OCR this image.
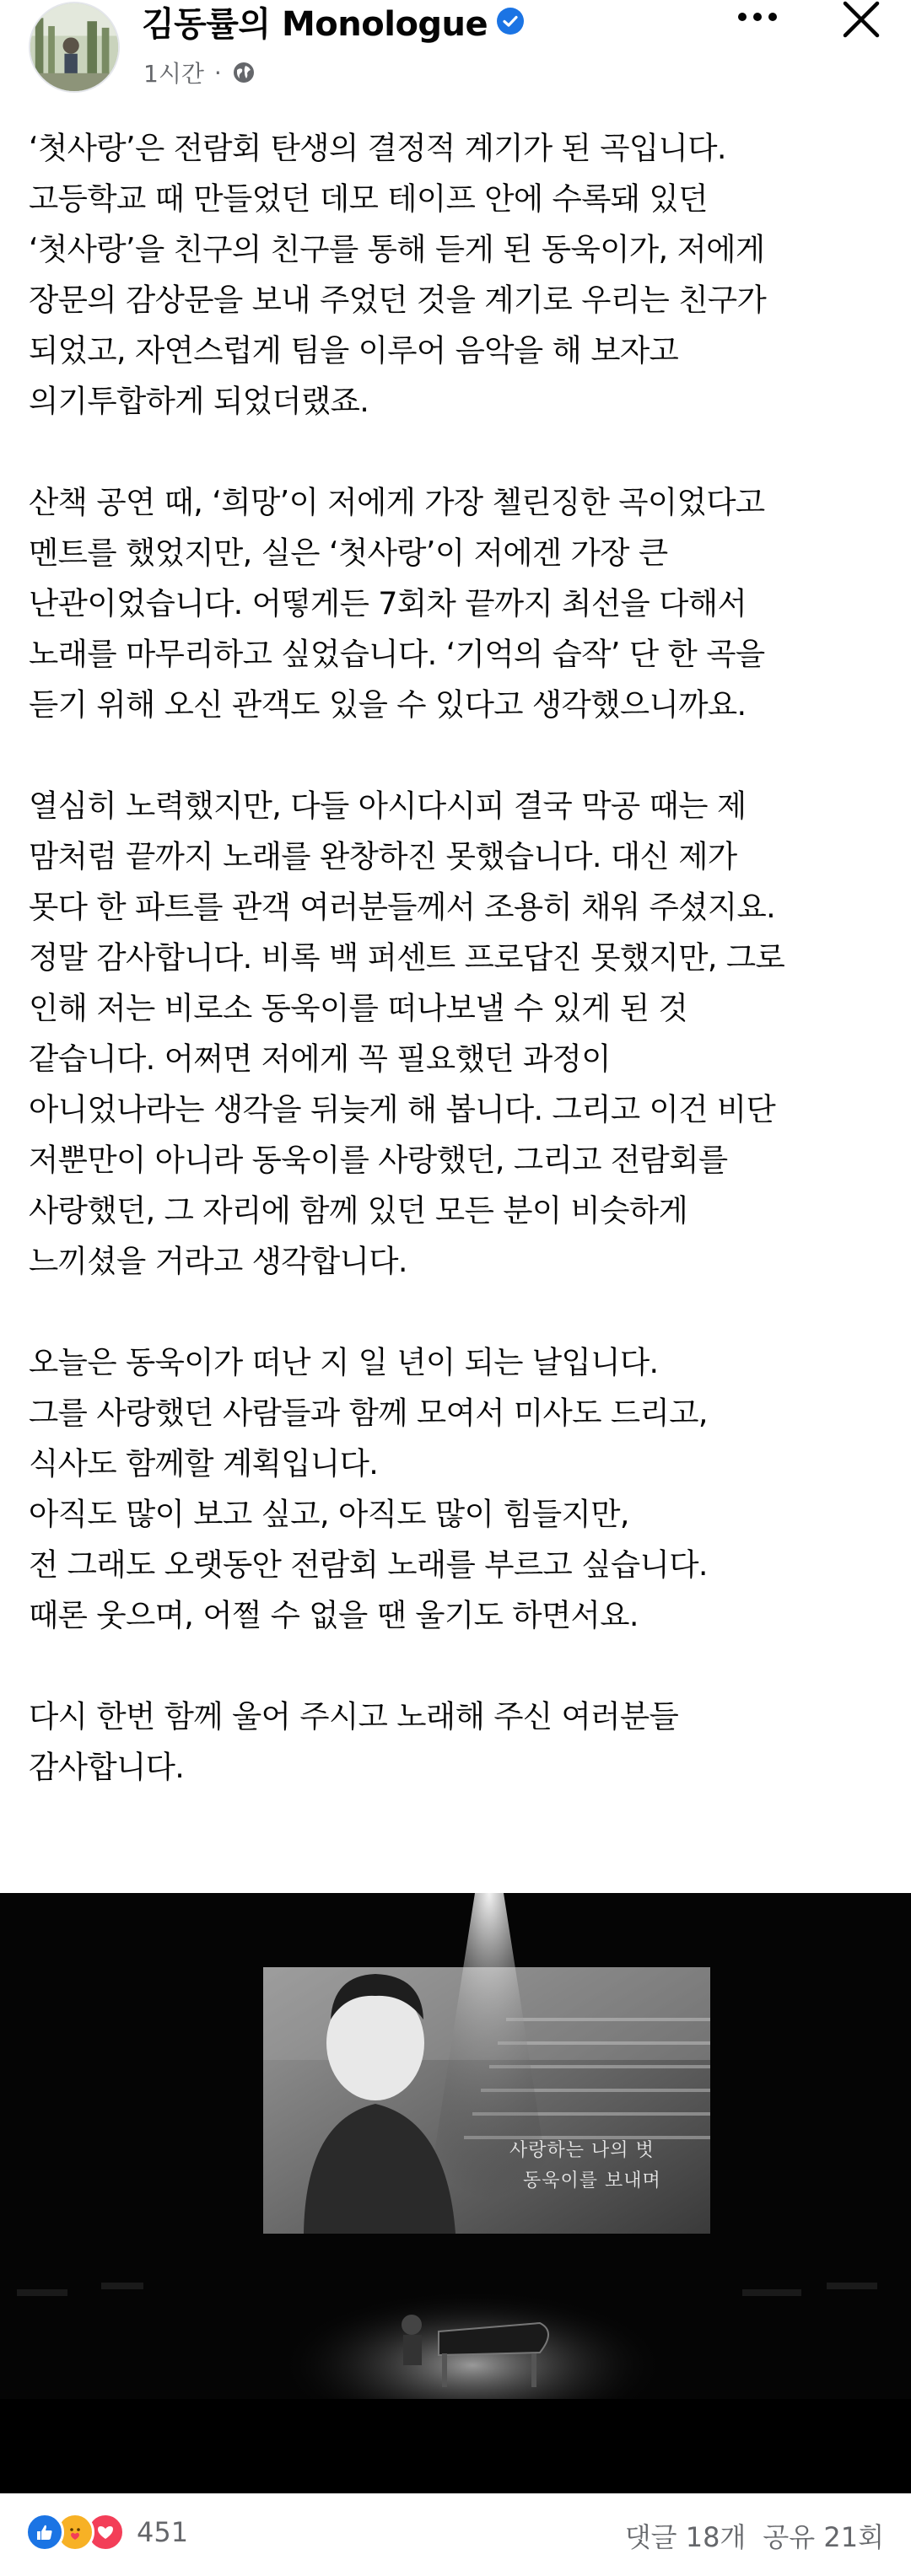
김동률의 Monologue
1시간 ·

‘첫사랑’은 전람회 탄생의 결정적 계기가 된 곡입니다.
고등학교 때 만들었던 데모 테이프 안에 수록돼 있던
‘첫사랑’을 친구의 친구를 통해 듣게 된 동욱이가, 저에게
장문의 감상문을 보내 주었던 것을 계기로 우리는 친구가
되었고, 자연스럽게 팀을 이루어 음악을 해 보자고
의기투합하게 되었더랬죠.

산책 공연 때, ‘희망’이 저에게 가장 첼린징한 곡이었다고
멘트를 했었지만, 실은 ‘첫사랑’이 저에겐 가장 큰
난관이었습니다. 어떻게든 7회차 끝까지 최선을 다해서
노래를 마무리하고 싶었습니다. ‘기억의 습작’ 단 한 곡을
듣기 위해 오신 관객도 있을 수 있다고 생각했으니까요.

열심히 노력했지만, 다들 아시다시피 결국 막공 때는 제
맘처럼 끝까지 노래를 완창하진 못했습니다. 대신 제가
못다 한 파트를 관객 여러분들께서 조용히 채워 주셨지요.
정말 감사합니다. 비록 백 퍼센트 프로답진 못했지만, 그로
인해 저는 비로소 동욱이를 떠나보낼 수 있게 된 것
같습니다. 어쩌면 저에게 꼭 필요했던 과정이
아니었나라는 생각을 뒤늦게 해 봅니다. 그리고 이건 비단
저뿐만이 아니라 동욱이를 사랑했던, 그리고 전람회를
사랑했던, 그 자리에 함께 있던 모든 분이 비슷하게
느끼셨을 거라고 생각합니다.

오늘은 동욱이가 떠난 지 일 년이 되는 날입니다.
그를 사랑했던 사람들과 함께 모여서 미사도 드리고,
식사도 함께할 계획입니다.
아직도 많이 보고 싶고, 아직도 많이 힘들지만,
전 그래도 오랫동안 전람회 노래를 부르고 싶습니다.
때론 웃으며, 어쩔 수 없을 땐 울기도 하면서요.

다시 한번 함께 울어 주시고 노래해 주신 여러분들
감사합니다.

사랑하는 나의 벗
동욱이를 보내며
451	댓글 18개 공유 21회
